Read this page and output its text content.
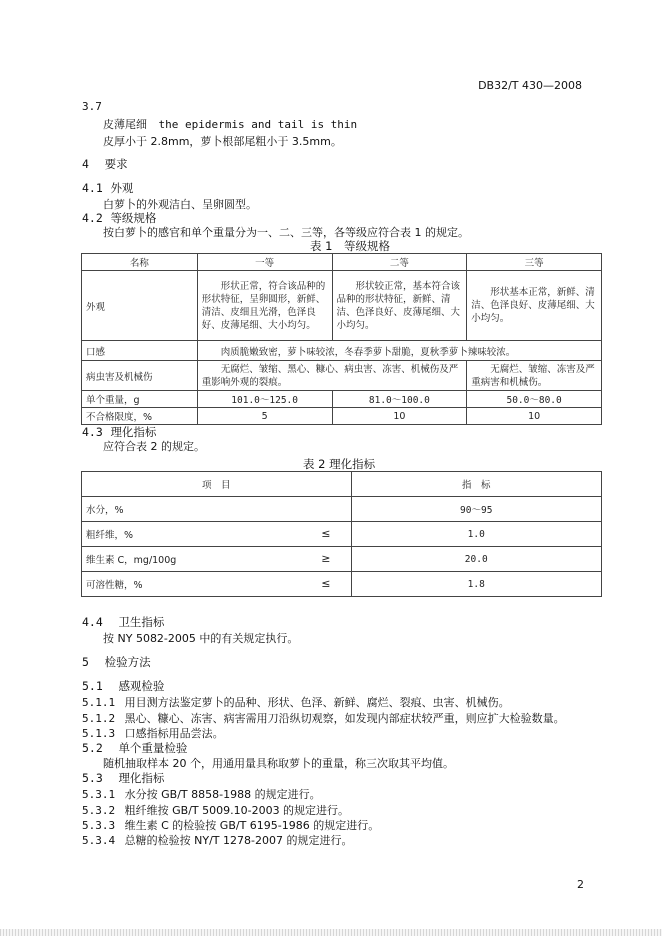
DB32/T 430—2008
3.7
皮薄尾细 the epidermis and tail is thin
皮厚小于 2.8mm，萝卜根部尾粗小于 3.5mm。
4 要求
4.1 外观
白萝卜的外观洁白、呈卵圆型。
4.2 等级规格
按白萝卜的感官和单个重量分为一、二、三等，各等级应符合表 1 的规定。
表 1　等级规格
名称	一等	二等	三等
外观	形状正常，符合该品种的形状特征，呈卵圆形，新鲜、清洁、皮细且光滑，色泽良好、皮薄尾细、大小均匀。	形状较正常，基本符合该品种的形状特征，新鲜、清洁、色泽良好、皮薄尾细、大小均匀。	形状基本正常，新鲜、清洁、色泽良好、皮薄尾细、大小均匀。
口感	肉质脆嫩致密，萝卜味较浓，冬春季萝卜甜脆，夏秋季萝卜辣味较浓。		
病虫害及机械伤	无腐烂、皱缩、黑心、糠心、病虫害、冻害、机械伤及严重影响外观的裂痕。		无腐烂、皱缩、冻害及严重病害和机械伤。
单个重量，g	101.0～125.0	81.0～100.0	50.0～80.0
不合格限度，%	5	10	10
4.3 理化指标
应符合表 2 的规定。
表 2 理化指标
项　目	指　标
水分，%	90～95
粗纤维，% ≤	1.0
维生素 C，mg/100g ≥	20.0
可溶性糖，% ≤	1.8
4.4 卫生指标
按 NY 5082-2005 中的有关规定执行。
5 检验方法
5.1 感观检验
5.1.1 用目测方法鉴定萝卜的品种、形状、色泽、新鲜、腐烂、裂痕、虫害、机械伤。
5.1.2 黑心、糠心、冻害、病害需用刀沿纵切观察，如发现内部症状较严重，则应扩大检验数量。
5.1.3 口感指标用品尝法。
5.2 单个重量检验
随机抽取样本 20 个，用通用量具称取萝卜的重量，称三次取其平均值。
5.3 理化指标
5.3.1 水分按 GB/T 8858-1988 的规定进行。
5.3.2 粗纤维按 GB/T 5009.10-2003 的规定进行。
5.3.3 维生素 C 的检验按 GB/T 6195-1986 的规定进行。
5.3.4 总糖的检验按 NY/T 1278-2007 的规定进行。
2
